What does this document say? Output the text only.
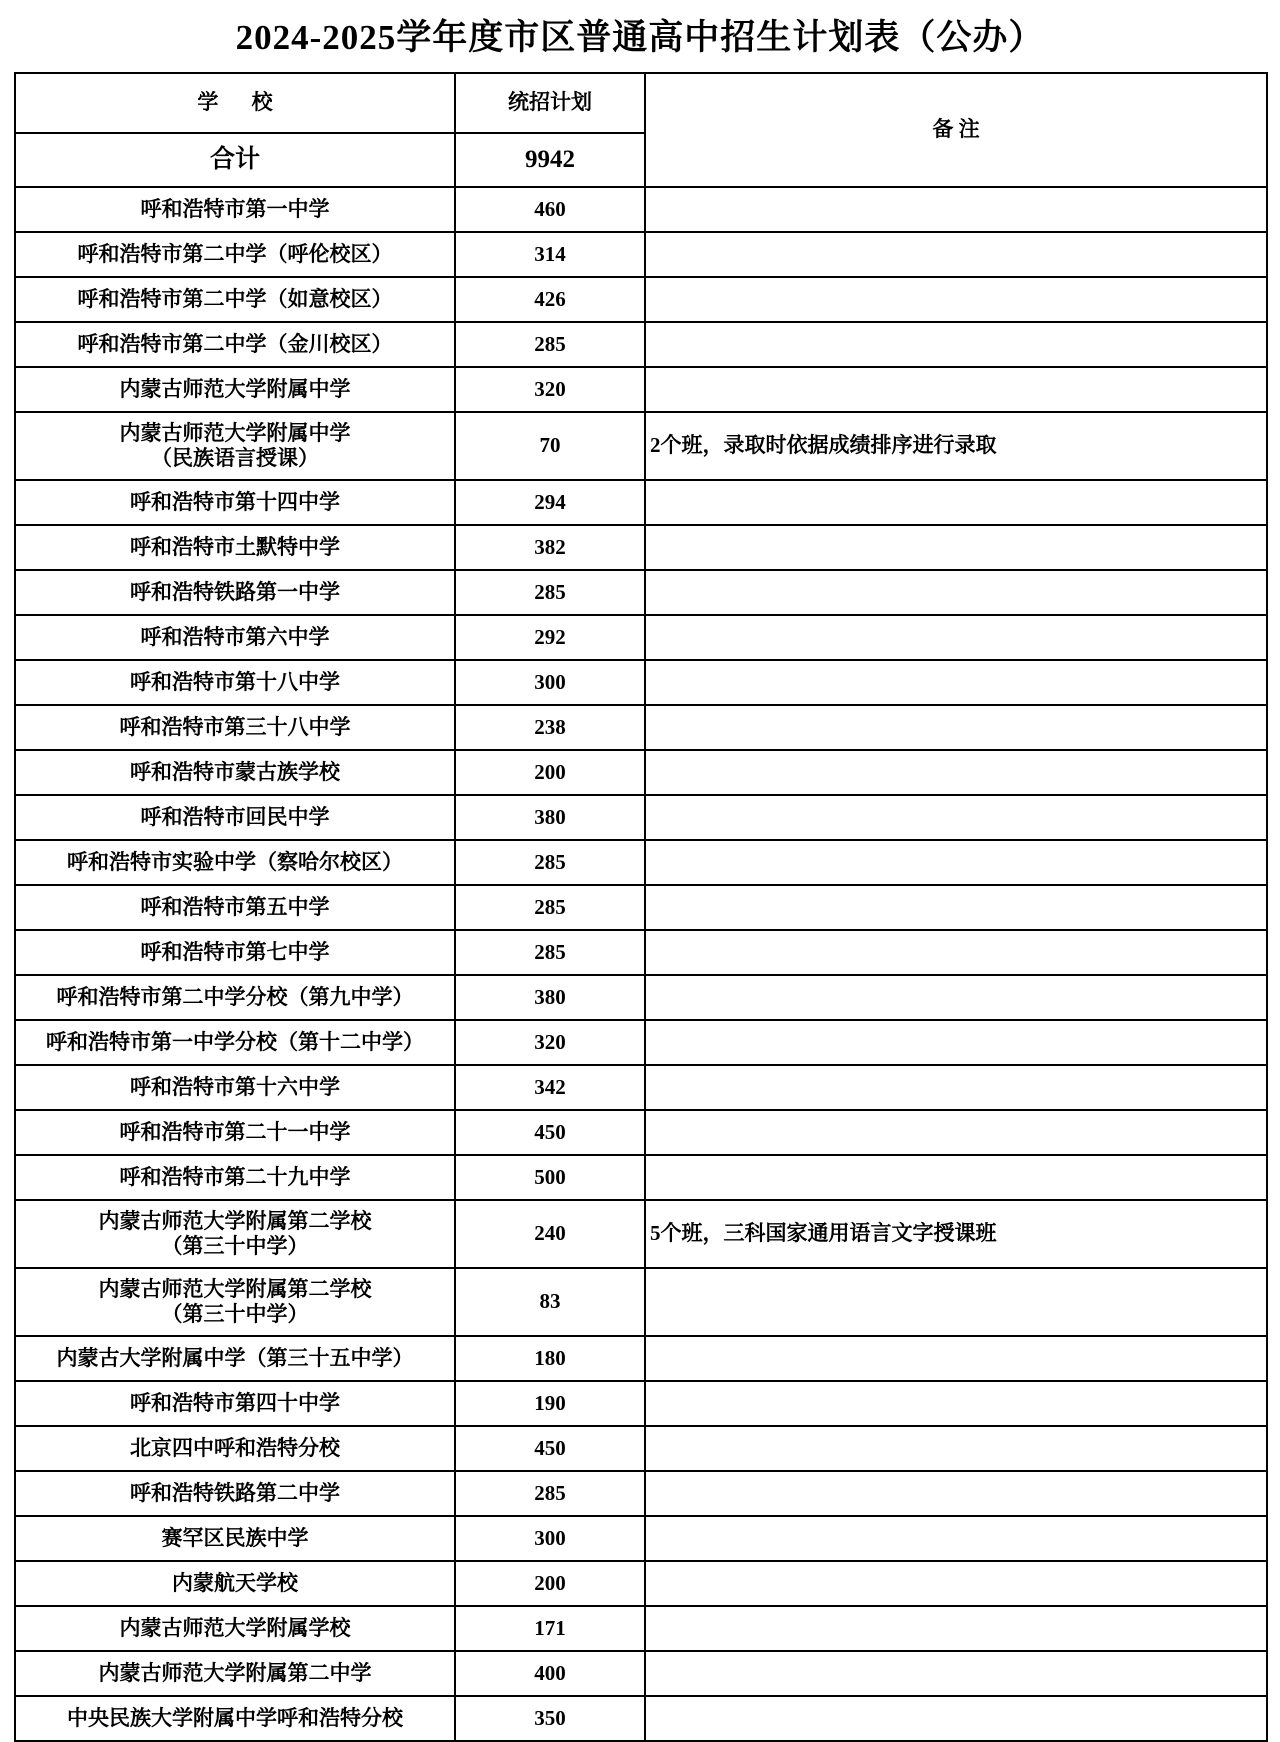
2024-2025学年度市区普通高中招生计划表（公办）
学 校	统招计划	备 注
合计	9942	

呼和浩特市第一中学	460	

呼和浩特市第二中学（呼伦校区）	314	

呼和浩特市第二中学（如意校区）	426	

呼和浩特市第二中学（金川校区）	285	

内蒙古师范大学附属中学	320	

内蒙古师范大学附属中学
（民族语言授课）	70	2个班，录取时依据成绩排序进行录取

呼和浩特市第十四中学	294	

呼和浩特市土默特中学	382	

呼和浩特铁路第一中学	285	

呼和浩特市第六中学	292	

呼和浩特市第十八中学	300	

呼和浩特市第三十八中学	238	

呼和浩特市蒙古族学校	200	

呼和浩特市回民中学	380	

呼和浩特市实验中学（察哈尔校区）	285	

呼和浩特市第五中学	285	

呼和浩特市第七中学	285	

呼和浩特市第二中学分校（第九中学）	380	

呼和浩特市第一中学分校（第十二中学）	320	

呼和浩特市第十六中学	342	

呼和浩特市第二十一中学	450	

呼和浩特市第二十九中学	500	

内蒙古师范大学附属第二学校
（第三十中学）	240	5个班，三科国家通用语言文字授课班

内蒙古师范大学附属第二学校
（第三十中学）	83	

内蒙古大学附属中学（第三十五中学）	180	

呼和浩特市第四十中学	190	

北京四中呼和浩特分校	450	

呼和浩特铁路第二中学	285	

赛罕区民族中学	300	

内蒙航天学校	200	

内蒙古师范大学附属学校	171	

内蒙古师范大学附属第二中学	400	

中央民族大学附属中学呼和浩特分校	350	
